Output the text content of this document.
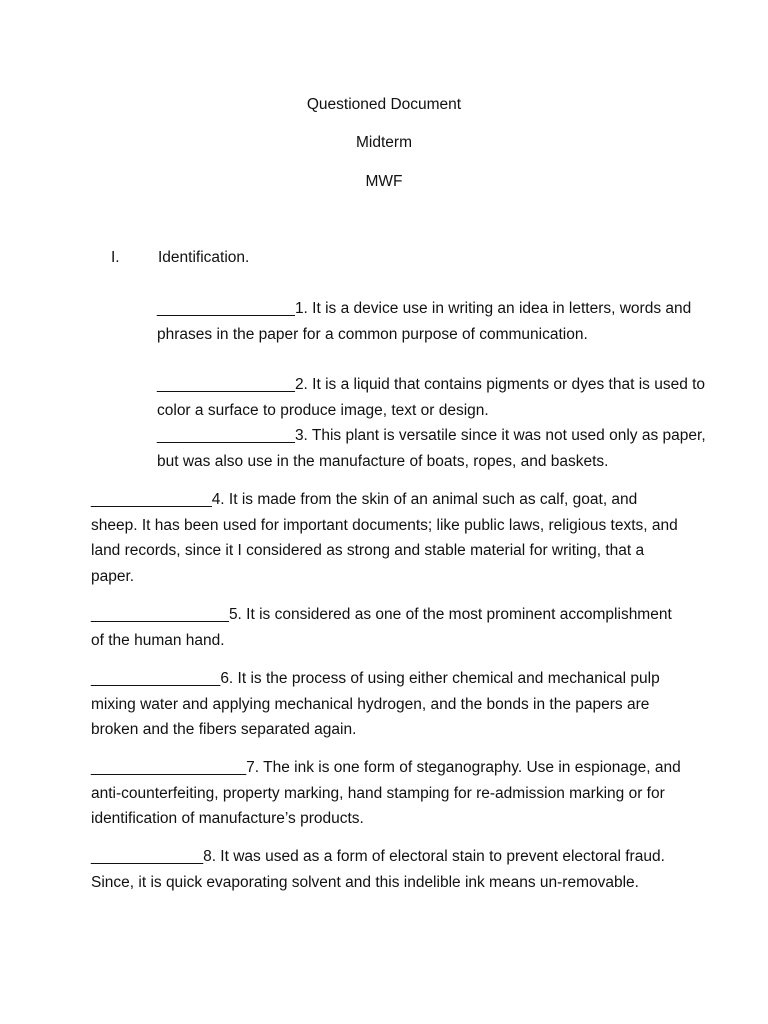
Questioned Document
Midterm
MWF
I. Identification.
________________1. It is a device use in writing an idea in letters, words and phrases in the paper for a common purpose of communication.
________________2. It is a liquid that contains pigments or dyes that is used to color a surface to produce image, text or design.
________________3. This plant is versatile since it was not used only as paper, but was also use in the manufacture of boats, ropes, and baskets.
______________4. It is made from the skin of an animal such as calf, goat, and sheep. It has been used for important documents; like public laws, religious texts, and land records, since it I considered as strong and stable material for writing, that a paper.
________________5. It is considered as one of the most prominent accomplishment of the human hand.
_______________6. It is the process of using either chemical and mechanical pulp mixing water and applying mechanical hydrogen, and the bonds in the papers are broken and the fibers separated again.
__________________7. The ink is one form of steganography. Use in espionage, and anti-counterfeiting, property marking, hand stamping for re-admission marking or for identification of manufacture’s products.
_____________8. It was used as a form of electoral stain to prevent electoral fraud. Since, it is quick evaporating solvent and this indelible ink means un-removable.
